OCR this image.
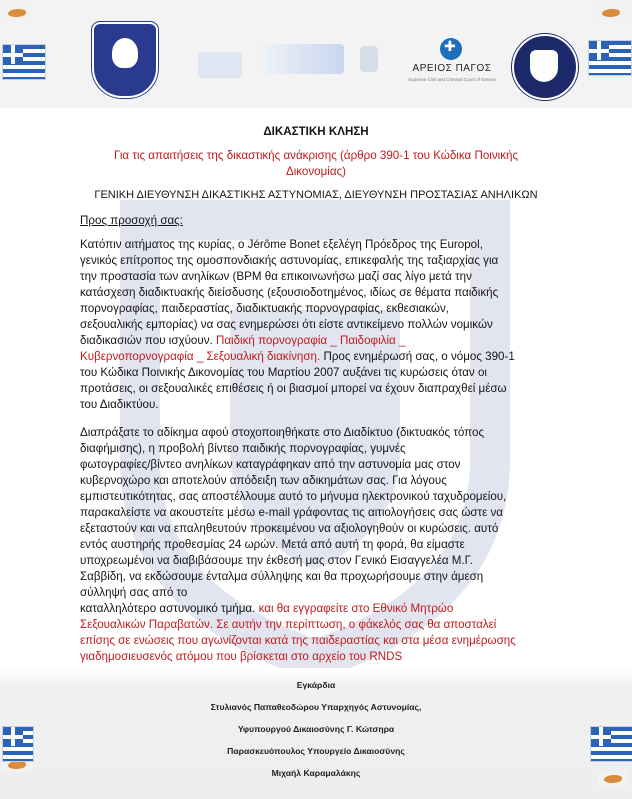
✚
ΑΡΕΙΟΣ ΠΑΓΟΣ
Supreme Civil and Criminal Court of Greece
ΔΙΚΑΣΤΙΚΗ ΚΛΗΣΗ
Για τις απαιτήσεις της δικαστικής ανάκρισης (άρθρο 390-1 του Κώδικα Ποινικής
Δικονομίας)
ΓΕΝΙΚΗ ΔΙΕΥΘΥΝΣΗ ΔΙΚΑΣΤΙΚΗΣ ΑΣΤΥΝΟΜΙΑΣ, ΔΙΕΥΘΥΝΣΗ ΠΡΟΣΤΑΣΙΑΣ ΑΝΗΛΙΚΩΝ
Προς προσοχή σας:
Κατόπιν αιτήματος της κυρίας, ο Jérôme Bonet εξελέγη Πρόεδρος της Europol,
γενικός επίτροπος της ομοσπονδιακής αστυνομίας, επικεφαλής της ταξιαρχίας για
την προστασία των ανηλίκων (BPM θα επικοινωνήσω μαζί σας λίγο μετά την
κατάσχεση διαδικτυακής διείσδυσης (εξουσιοδοτημένος, ιδίως σε θέματα παιδικής
πορνογραφίας, παιδεραστίας, διαδικτυακής πορνογραφίας, εκθεσιακών,
σεξουαλικής εμπορίας) να σας ενημερώσει ότι είστε αντικείμενο πολλών νομικών
διαδικασιών που ισχύουν. Παιδική πορνογραφία _ Παιδοφιλία _
Κυβερνοπορνογραφία _ Σεξουαλική διακίνηση. Προς ενημέρωσή σας, ο νόμος 390-1
του Κώδικα Ποινικής Δικονομίας του Μαρτίου 2007 αυξάνει τις κυρώσεις όταν οι
προτάσεις, οι σεξουαλικές επιθέσεις ή οι βιασμοί μπορεί να έχουν διαπραχθεί μέσω
του Διαδικτύου.
Διαπράξατε το αδίκημα αφού στοχοποιηθήκατε στο Διαδίκτυο (δικτυακός τόπος
διαφήμισης), η προβολή βίντεο παιδικής πορνογραφίας, γυμνές
φωτογραφίες/βίντεο ανηλίκων καταγράφηκαν από την αστυνομία μας στον
κυβερνοχώρο και αποτελούν απόδειξη των αδικημάτων σας. Για λόγους
εμπιστευτικότητας, σας αποστέλλουμε αυτό το μήνυμα ηλεκτρονικού ταχυδρομείου,
παρακαλείστε να ακουστείτε μέσω e-mail γράφοντας τις αιτιολογήσεις σας ώστε να
εξεταστούν και να επαληθευτούν προκειμένου να αξιολογηθούν οι κυρώσεις. αυτό
εντός αυστηρής προθεσμίας 24 ωρών. Μετά από αυτή τη φορά, θα είμαστε
υποχρεωμένοι να διαβιβάσουμε την έκθεσή μας στον Γενικό Εισαγγελέα Μ.Γ.
Σαββίδη, να εκδώσουμε ένταλμα σύλληψης και θα προχωρήσουμε στην άμεση
σύλληψή σας από το
καταλληλότερο αστυνομικό τμήμα. και θα εγγραφείτε στο Εθνικό Μητρώο
Σεξουαλικών Παραβατών. Σε αυτήν την περίπτωση, ο φάκελός σας θα αποσταλεί
επίσης σε ενώσεις που αγωνίζονται κατά της παιδεραστίας και στα μέσα ενημέρωσης
γιαδημοσιευσενός ατόμου που βρίσκεται στο αρχείο του RNDS
Εγκάρδια
Στυλιανός Παπαθεοδώρου Υπαρχηγός Αστυνομίας,
Υφυπουργού Δικαιοσύνης Γ. Κώτσηρα
Παρασκευόπουλος Υπουργείο Δικαιοσύνης
Μιχαήλ Καραμαλάκης
